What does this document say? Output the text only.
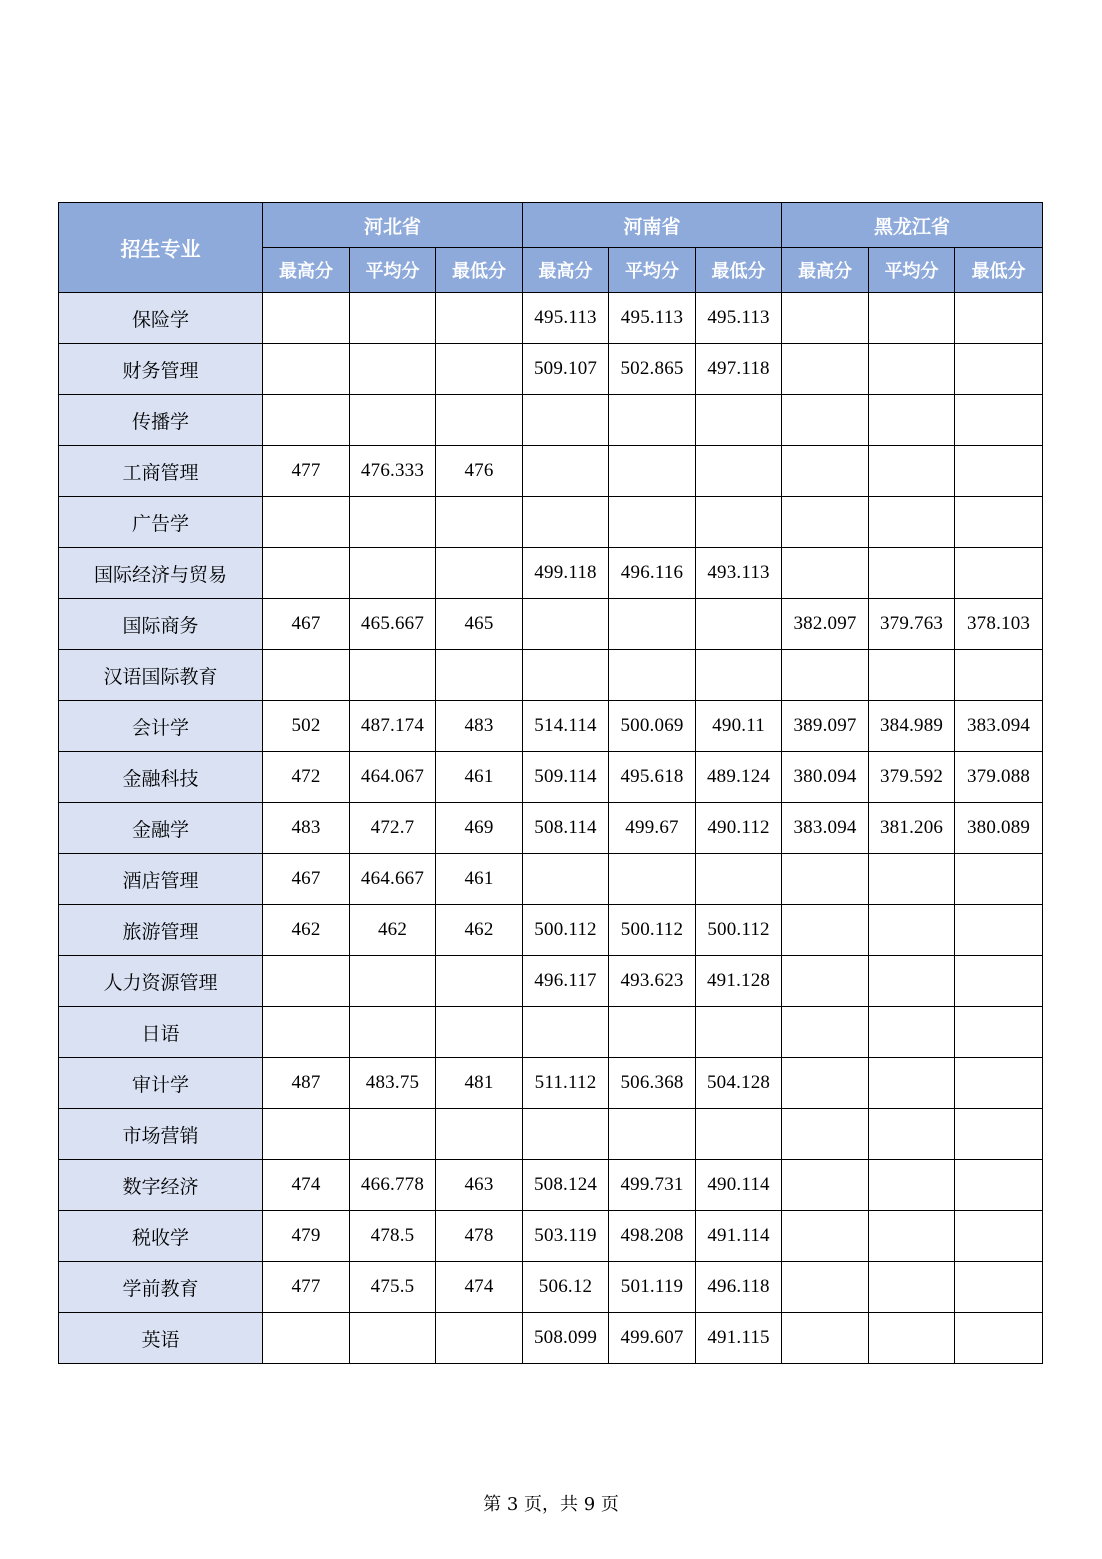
招生专业	河北省			河南省			黑龙江省		
	最高分	平均分	最低分	最高分	平均分	最低分	最高分	平均分	最低分
保险学				495.113	495.113	495.113			
财务管理				509.107	502.865	497.118			
传播学									
工商管理	477	476.333	476						
广告学									
国际经济与贸易				499.118	496.116	493.113			
国际商务	467	465.667	465				382.097	379.763	378.103
汉语国际教育									
会计学	502	487.174	483	514.114	500.069	490.11	389.097	384.989	383.094
金融科技	472	464.067	461	509.114	495.618	489.124	380.094	379.592	379.088
金融学	483	472.7	469	508.114	499.67	490.112	383.094	381.206	380.089
酒店管理	467	464.667	461						
旅游管理	462	462	462	500.112	500.112	500.112			
人力资源管理				496.117	493.623	491.128			
日语									
审计学	487	483.75	481	511.112	506.368	504.128			
市场营销									
数字经济	474	466.778	463	508.124	499.731	490.114			
税收学	479	478.5	478	503.119	498.208	491.114			
学前教育	477	475.5	474	506.12	501.119	496.118			
英语				508.099	499.607	491.115			
第 3 页，共 9 页
